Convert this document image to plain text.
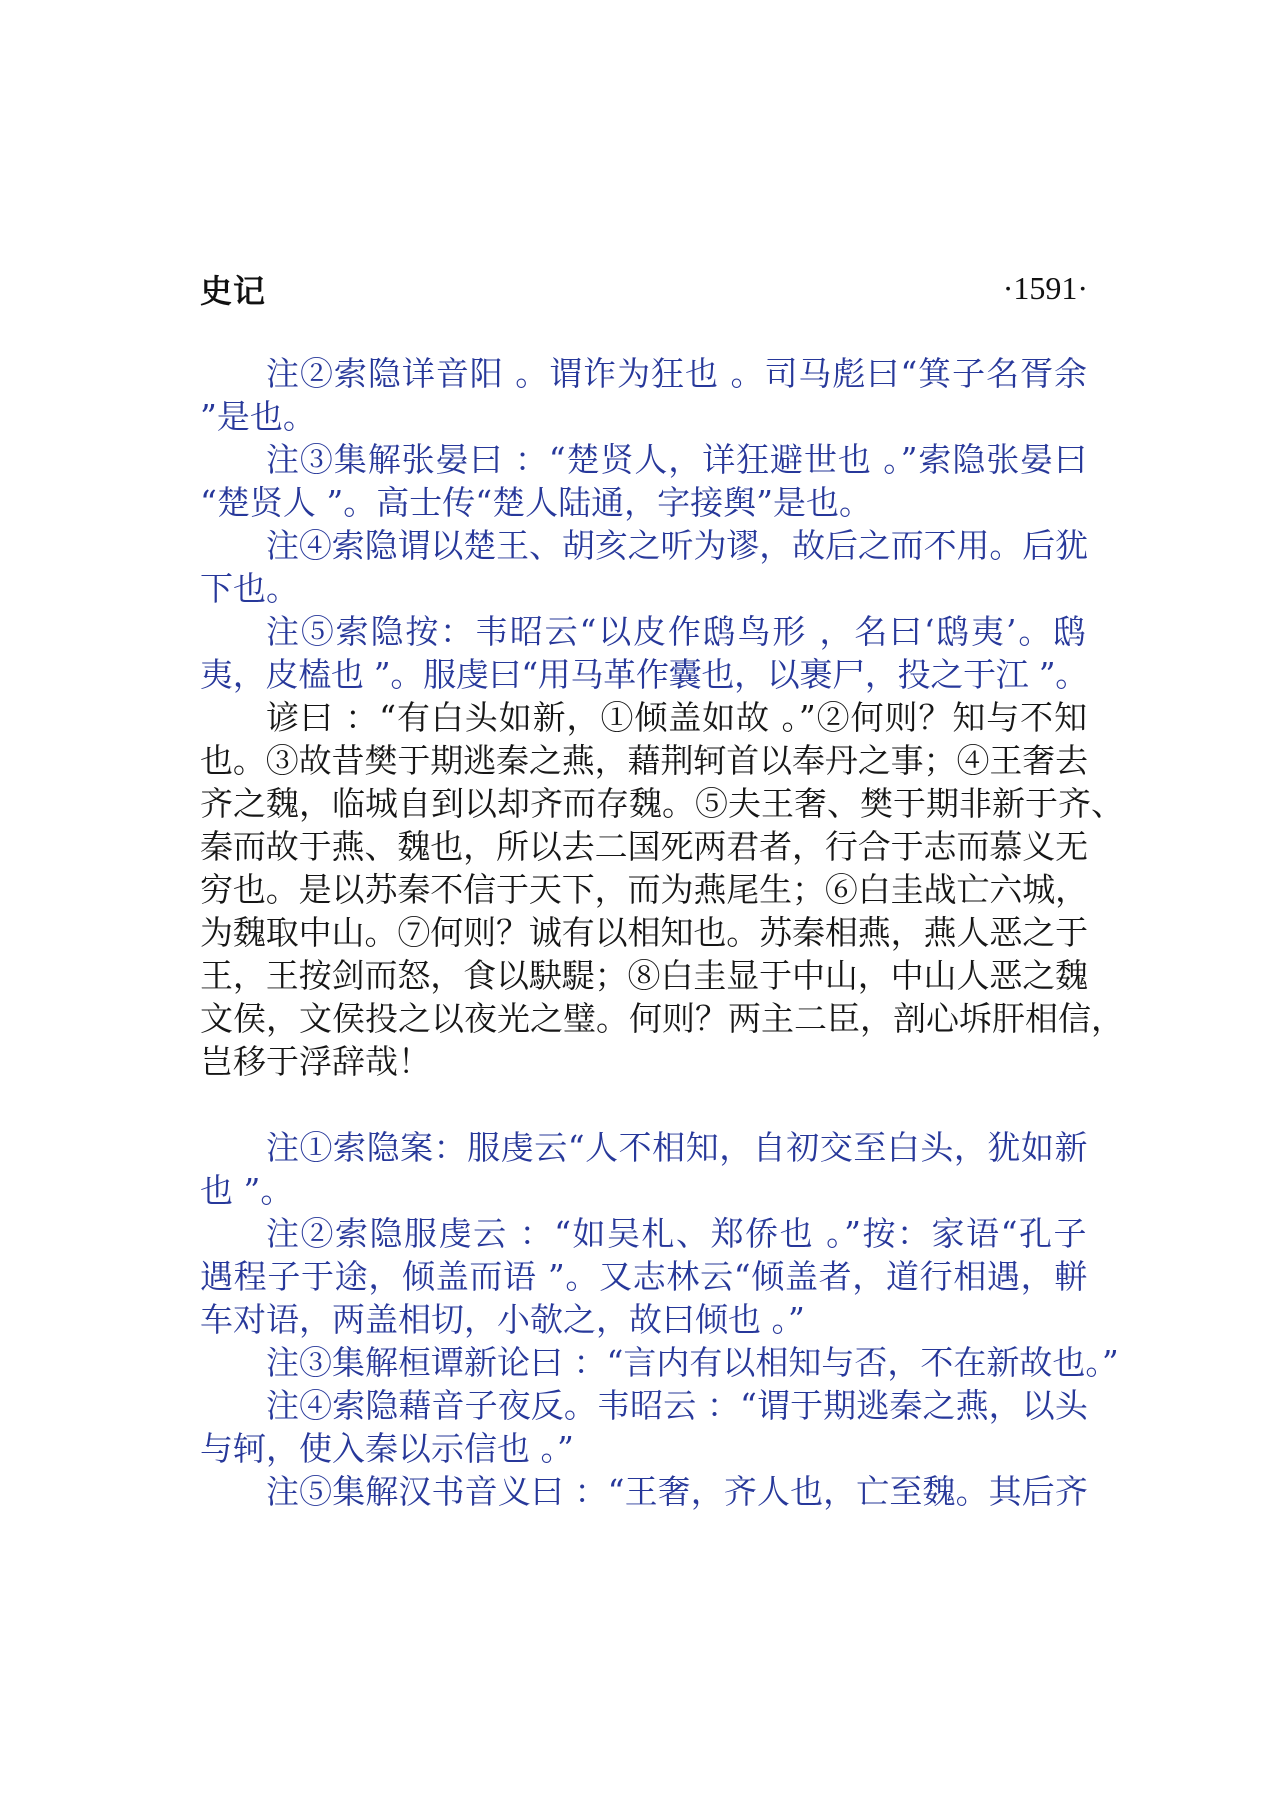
史记	·1591·
注②索隐详音阳 。谓诈为狂也 。司马彪曰“箕子名胥余
”是也。
注③集解张晏曰 ：“楚贤人，详狂避世也 。”索隐张晏曰
“楚贤人 ”。高士传“楚人陆通，字接舆”是也。
注④索隐谓以楚王、胡亥之听为谬，故后之而不用。后犹
下也。
注⑤索隐按：韦昭云“以皮作鸱鸟形 ，名曰‘鸱夷’。鸱
夷，皮榼也 ”。服虔曰“用马革作囊也，以裹尸，投之于江 ”。
谚曰 ：“有白头如新，①倾盖如故 。”②何则？知与不知
也。③故昔樊于期逃秦之燕，藉荆轲首以奉丹之事；④王奢去
齐之魏，临城自到以却齐而存魏。⑤夫王奢、樊于期非新于齐、
秦而故于燕、魏也，所以去二国死两君者，行合于志而慕义无
穷也。是以苏秦不信于天下，而为燕尾生；⑥白圭战亡六城，
为魏取中山。⑦何则？诚有以相知也。苏秦相燕，燕人恶之于
王，王按剑而怒，食以駃騠；⑧白圭显于中山，中山人恶之魏
文侯，文侯投之以夜光之璧。何则？两主二臣，剖心坼肝相信，
岂移于浮辞哉！
注①索隐案：服虔云“人不相知，自初交至白头，犹如新
也 ”。
注②索隐服虔云 ：“如吴札、郑侨也 。”按：家语“孔子
遇程子于途，倾盖而语 ”。又志林云“倾盖者，道行相遇，軿
车对语，两盖相切，小欹之，故曰倾也 。”
注③集解桓谭新论曰 ：“言内有以相知与否，不在新故也。”
注④索隐藉音子夜反。韦昭云 ：“谓于期逃秦之燕，以头
与轲，使入秦以示信也 。”
注⑤集解汉书音义曰 ：“王奢，齐人也，亡至魏。其后齐
